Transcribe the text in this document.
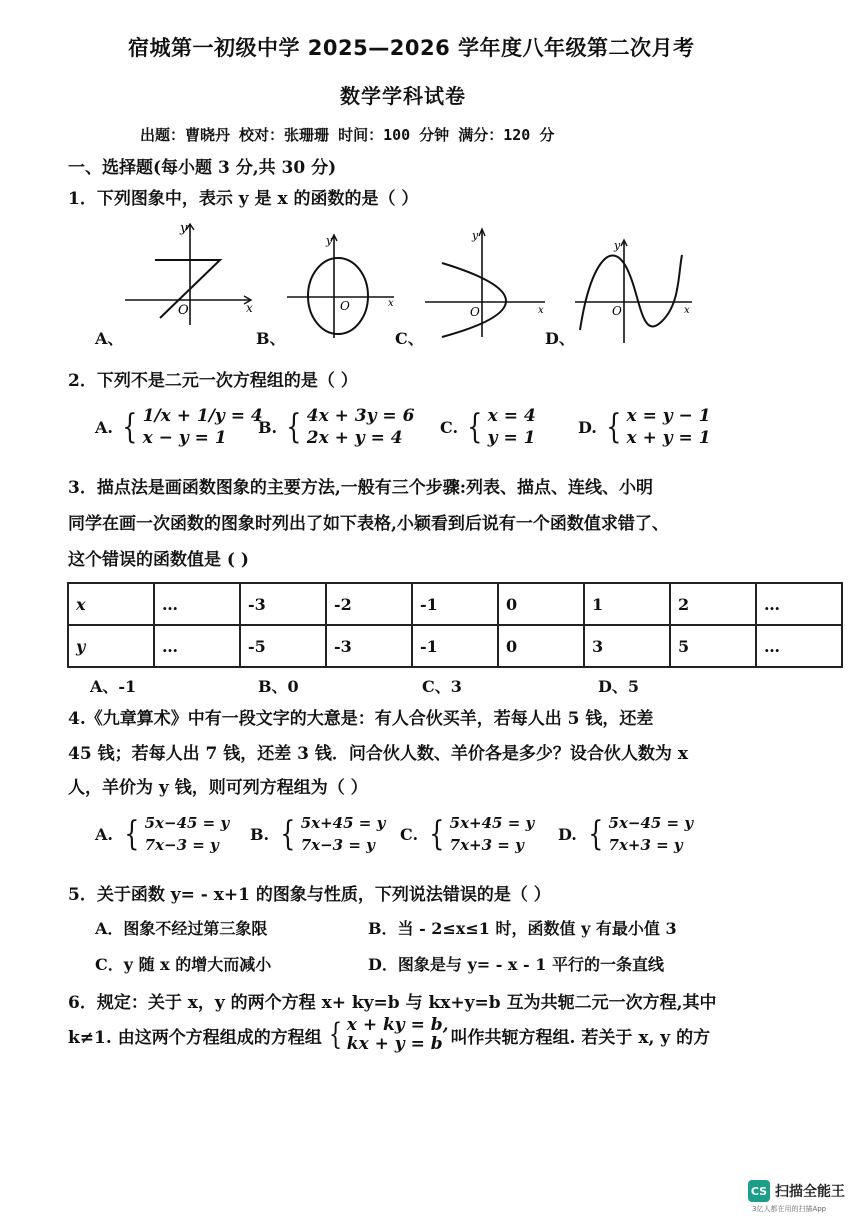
宿城第一初级中学 2025—2026 学年度八年级第二次月考
数学学科试卷
出题：曹晓丹 校对：张珊珊 时间：100 分钟 满分：120 分
一、选择题(每小题 3 分,共 30 分)
1．下列图象中，表示 y 是 x 的函数的是（ ）
y
x
O
y
x
O
y
x
O
y
x
O
A、	B、	C、	D、
2．下列不是二元一次方程组的是（ ）
A. { 1/x + 1/y = 4
x − y = 1
B. { 4x + 3y = 6
2x + y = 4
C. { x = 4
y = 1
D. { x = y − 1
x + y = 1
3．描点法是画函数图象的主要方法,一般有三个步骤:列表、描点、连线、小明
同学在画一次函数的图象时列出了如下表格,小颖看到后说有一个函数值求错了、
这个错误的函数值是 ( )
x	…	-3	-2	-1	0	1	2	…
y	…	-5	-3	-1	0	3	5	…
A、-1	B、0	C、3	D、5
4.《九章算术》中有一段文字的大意是：有人合伙买羊，若每人出 5 钱，还差
45 钱；若每人出 7 钱，还差 3 钱．问合伙人数、羊价各是多少？设合伙人数为 x
人，羊价为 y 钱，则可列方程组为（ ）
A. { 5x−45 = y
7x−3 = y
B. { 5x+45 = y
7x−3 = y
C. { 5x+45 = y
7x+3 = y
D. { 5x−45 = y
7x+3 = y
5．关于函数 y= - x+1 的图象与性质，下列说法错误的是（ ）
A．图象不经过第三象限	B．当 - 2≤x≤1 时，函数值 y 有最小值 3
C．y 随 x 的增大而减小	D．图象是与 y= - x - 1 平行的一条直线
6．规定：关于 x，y 的两个方程 x+ ky=b 与 kx+y=b 互为共轭二元一次方程,其中
k≠1. 由这两个方程组成的方程组 { x + ky = b,
kx + y = b 叫作共轭方程组. 若关于 x, y 的方
CS 扫描全能王
3亿人都在用的扫描App
